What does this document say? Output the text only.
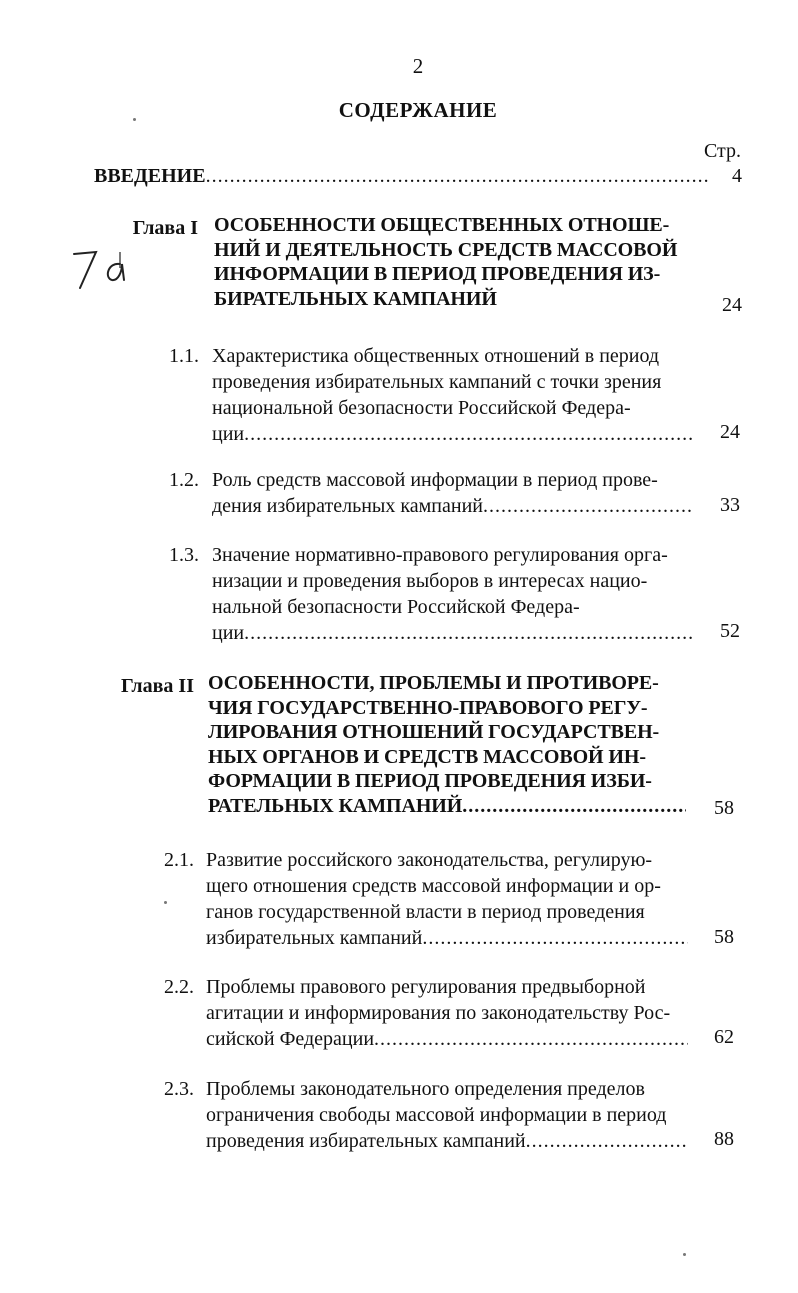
2
СОДЕРЖАНИЕ
Стр.
ВВЕДЕНИЕ .....	4
Глава I ОСОБЕННОСТИ ОБЩЕСТВЕННЫХ ОТНОШЕ-
НИЙ И ДЕЯТЕЛЬНОСТЬ СРЕДСТВ МАССОВОЙ
ИНФОРМАЦИИ В ПЕРИОД ПРОВЕДЕНИЯ ИЗ-
БИРАТЕЛЬНЫХ КАМПАНИЙ	24
1.1. Характеристика общественных отношений в период
проведения избирательных кампаний с точки зрения
национальной безопасности Российской Федера-
ции .....	24
1.2. Роль средств массовой информации в период прове-
дения избирательных кампаний .....	33
1.3. Значение нормативно-правового регулирования орга-
низации и проведения выборов в интересах нацио-
нальной безопасности Российской Федера-
ции .....	52
Глава II ОСОБЕННОСТИ, ПРОБЛЕМЫ И ПРОТИВОРЕ-
ЧИЯ ГОСУДАРСТВЕННО-ПРАВОВОГО РЕГУ-
ЛИРОВАНИЯ ОТНОШЕНИЙ ГОСУДАРСТВЕН-
НЫХ ОРГАНОВ И СРЕДСТВ МАССОВОЙ ИН-
ФОРМАЦИИ В ПЕРИОД ПРОВЕДЕНИЯ ИЗБИ-
РАТЕЛЬНЫХ КАМПАНИЙ .....	58
2.1. Развитие российского законодательства, регулирую-
щего отношения средств массовой информации и ор-
ганов государственной власти в период проведения
избирательных кампаний .....	58
2.2. Проблемы правового регулирования предвыборной
агитации и информирования по законодательству Рос-
сийской Федерации .....	62
2.3. Проблемы законодательного определения пределов
ограничения свободы массовой информации в период
проведения избирательных кампаний .....	88
